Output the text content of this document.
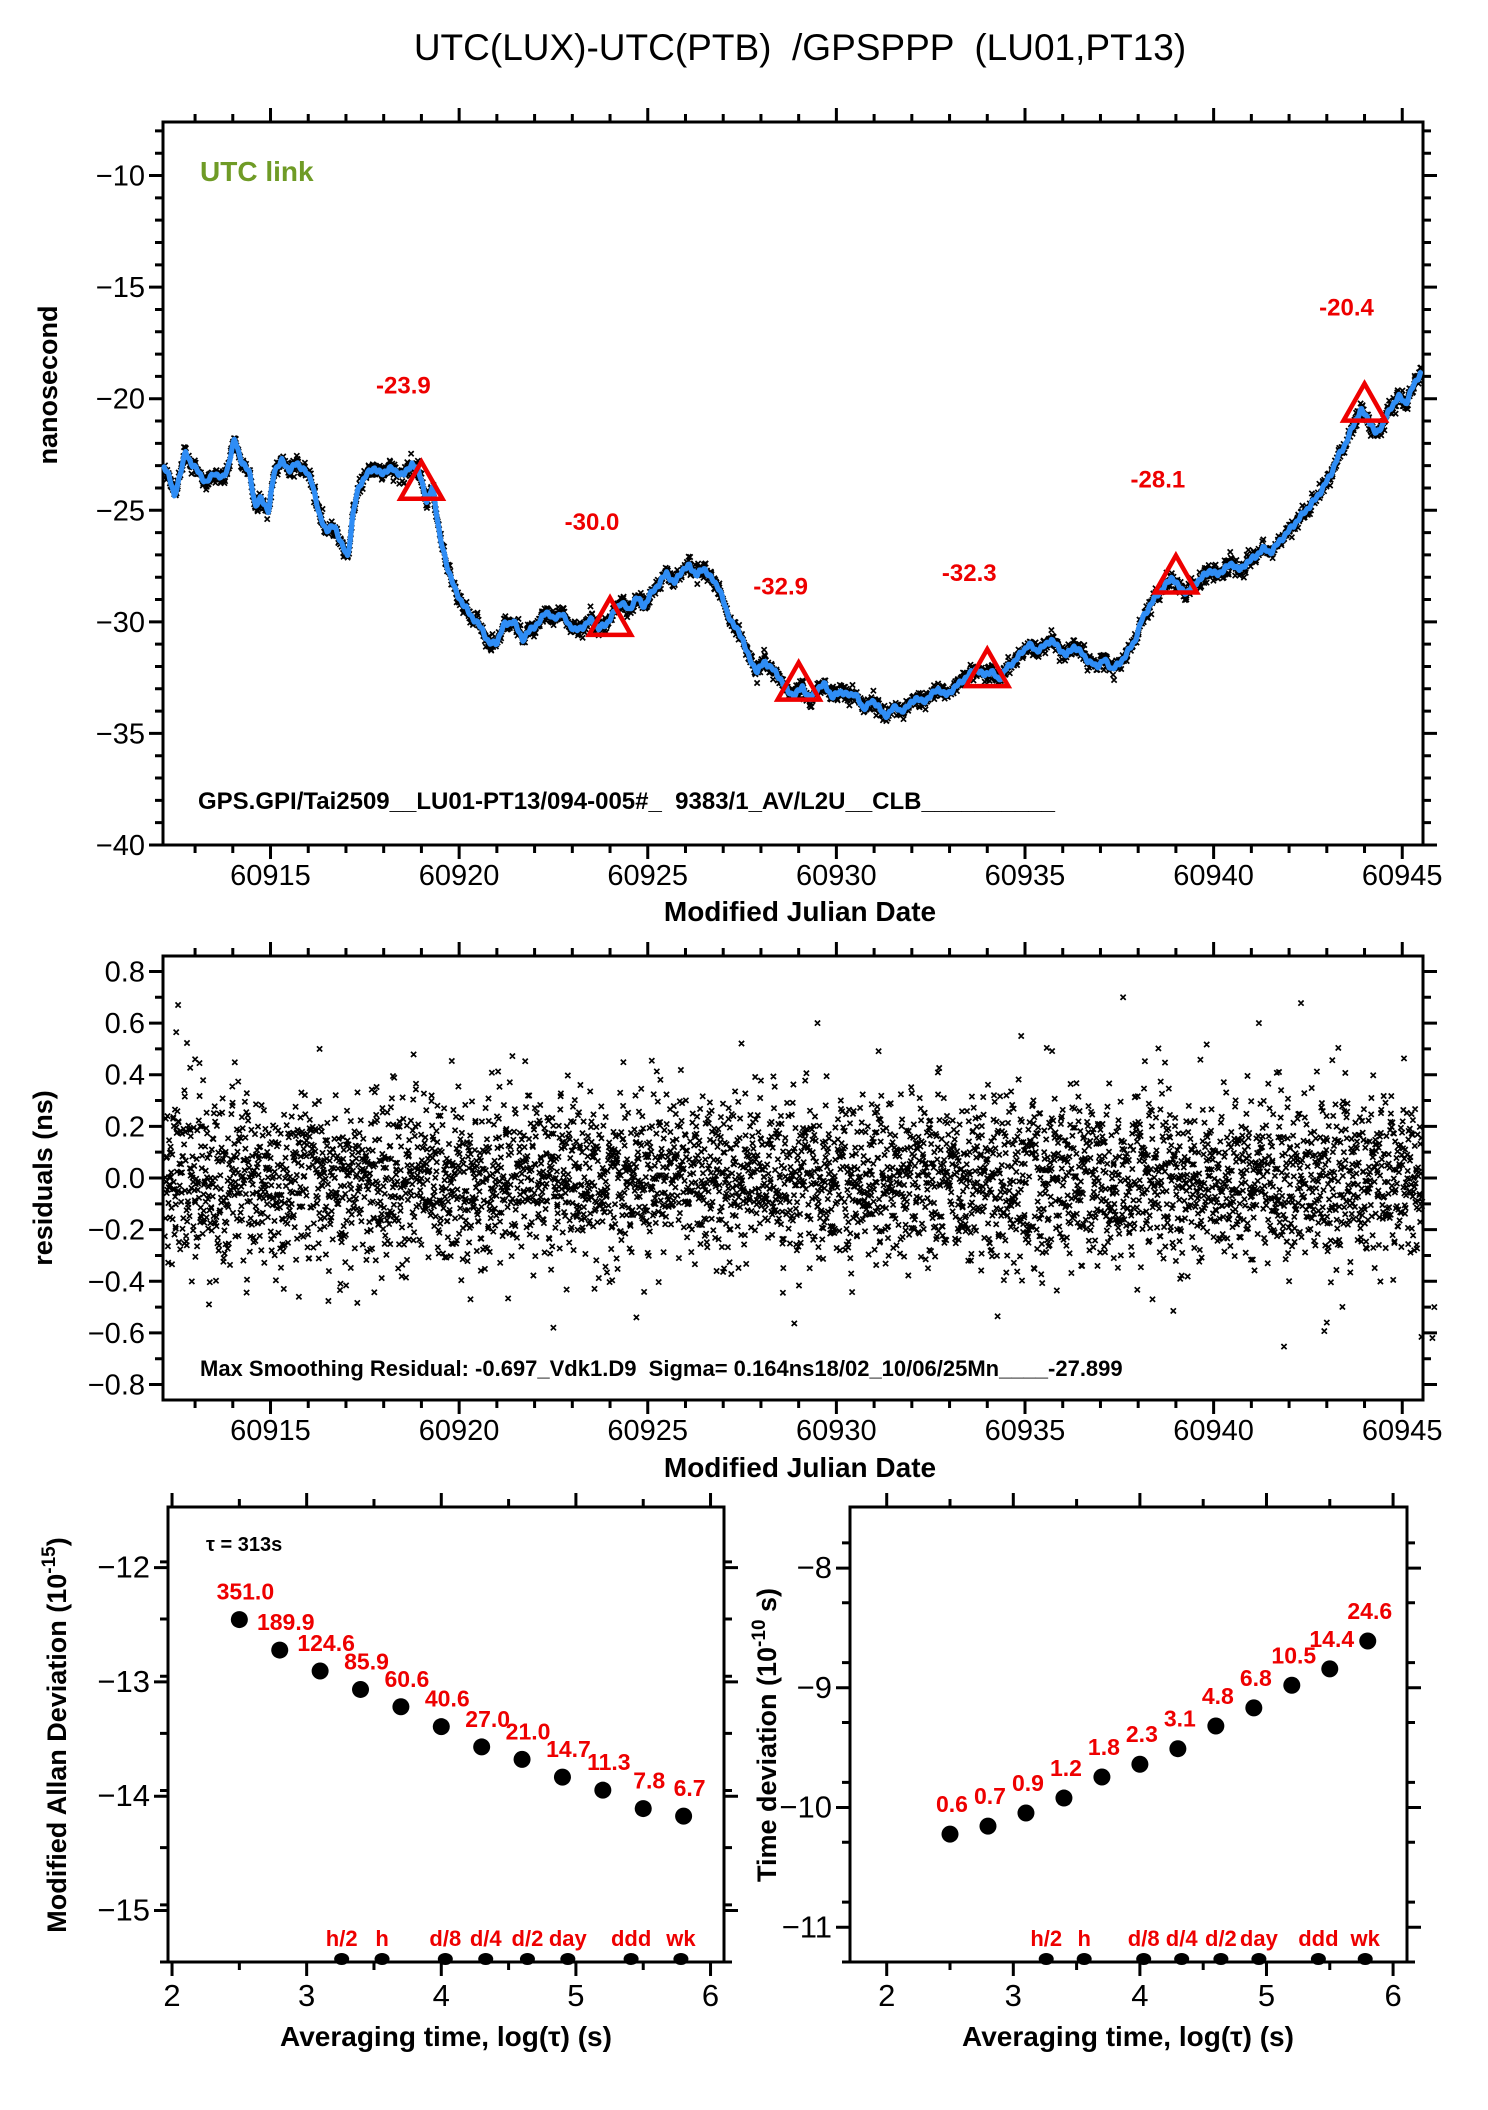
UTC(LUX)-UTC(PTB)  /GPSPPP  (LU01,PT13)
60915	60920	60925	60930	60935	60940	60945
−10
−15
−20
−25
−30
−35
−40
-23.9
-30.0
-32.9	-32.3
-28.1
-20.4
60915	60920	60925	60930	60935	60940	60945
0.8
0.6
0.4
0.2
0.0
−0.2
−0.4
−0.6
−0.8
2	3	4	5	6
−12
−13
−14
−15
351.0
189.9
124.6
85.9
60.6
40.6
27.0
21.0
14.7
11.3
7.8 6.7
h/2 h d/8 d/4 d/2 day ddd wk
2	3	4	5	6
−8
−9
−10
−11
0.6 0.7
0.9
1.2
1.8 2.3
3.1
4.8
6.8
10.5
14.4
24.6
h/2 h d/8 d/4 d/2 day ddd wk
UTC link
GPS.GPI/Tai2509__LU01-PT13/094-005#_  9383/1_AV/L2U__CLB__________
Modified Julian Date
nanosecond
Max Smoothing Residual: -0.697_Vdk1.D9  Sigma= 0.164ns18/02_10/06/25Mn____-27.899
Modified Julian Date
residuals (ns)
τ = 313s
Averaging time, log(τ) (s)	Averaging time, log(τ) (s)
Modified Allan Deviation $(10^{-15})$
Time deviation ($10^{-10}$ s)
